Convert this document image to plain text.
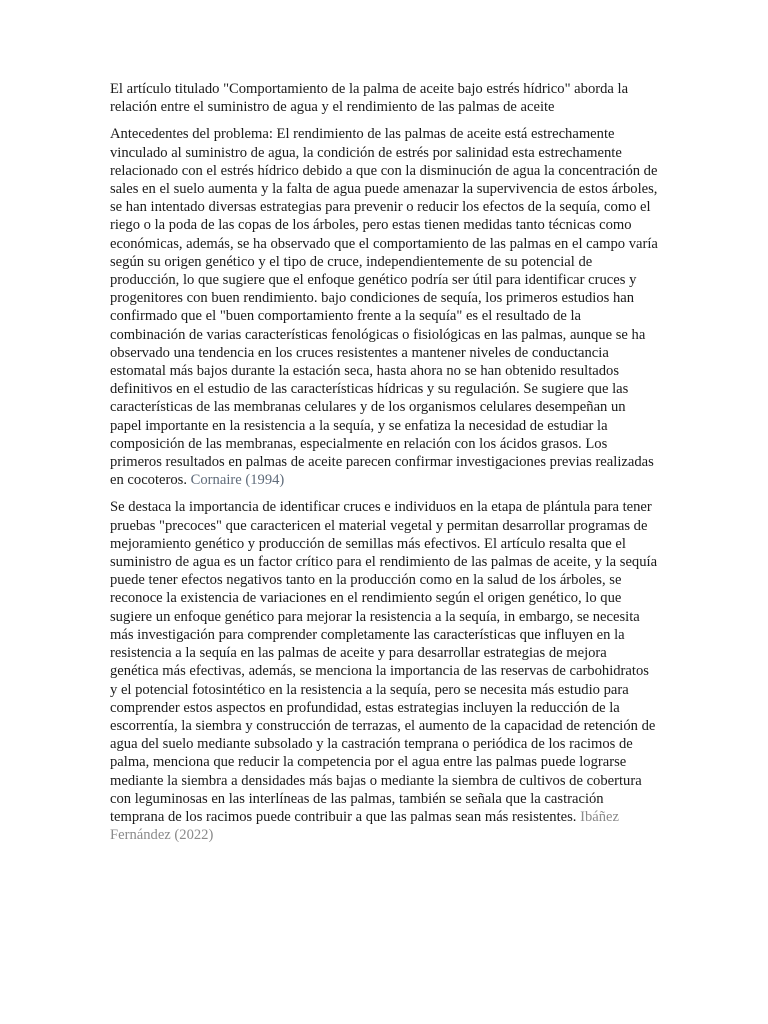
El artículo titulado "Comportamiento de la palma de aceite bajo estrés hídrico" aborda la relación entre el suministro de agua y el rendimiento de las palmas de aceite

Antecedentes del problema: El rendimiento de las palmas de aceite está estrechamente vinculado al suministro de agua, la condición de estrés por salinidad esta estrechamente relacionado con el estrés hídrico debido a que con la disminución de agua la concentración de sales en el suelo aumenta y la falta de agua puede amenazar la supervivencia de estos árboles, se han intentado diversas estrategias para prevenir o reducir los efectos de la sequía, como el riego o la poda de las copas de los árboles, pero estas tienen medidas tanto técnicas como económicas, además, se ha observado que el comportamiento de las palmas en el campo varía según su origen genético y el tipo de cruce, independientemente de su potencial de producción, lo que sugiere que el enfoque genético podría ser útil para identificar cruces y progenitores con buen rendimiento. bajo condiciones de sequía, los primeros estudios han confirmado que el "buen comportamiento frente a la sequía" es el resultado de la combinación de varias características fenológicas o fisiológicas en las palmas, aunque se ha observado una tendencia en los cruces resistentes a mantener niveles de conductancia estomatal más bajos durante la estación seca, hasta ahora no se han obtenido resultados definitivos en el estudio de las características hídricas y su regulación. Se sugiere que las características de las membranas celulares y de los organismos celulares desempeñan un papel importante en la resistencia a la sequía, y se enfatiza la necesidad de estudiar la composición de las membranas, especialmente en relación con los ácidos grasos. Los primeros resultados en palmas de aceite parecen confirmar investigaciones previas realizadas en cocoteros. Cornaire (1994)

Se destaca la importancia de identificar cruces e individuos en la etapa de plántula para tener pruebas "precoces" que caractericen el material vegetal y permitan desarrollar programas de mejoramiento genético y producción de semillas más efectivos. El artículo resalta que el suministro de agua es un factor crítico para el rendimiento de las palmas de aceite, y la sequía puede tener efectos negativos tanto en la producción como en la salud de los árboles, se reconoce la existencia de variaciones en el rendimiento según el origen genético, lo que sugiere un enfoque genético para mejorar la resistencia a la sequía, in embargo, se necesita más investigación para comprender completamente las características que influyen en la resistencia a la sequía en las palmas de aceite y para desarrollar estrategias de mejora genética más efectivas, además, se menciona la importancia de las reservas de carbohidratos y el potencial fotosintético en la resistencia a la sequía, pero se necesita más estudio para comprender estos aspectos en profundidad, estas estrategias incluyen la reducción de la escorrentía, la siembra y construcción de terrazas, el aumento de la capacidad de retención de agua del suelo mediante subsolado y la castración temprana o periódica de los racimos de palma, menciona que reducir la competencia por el agua entre las palmas puede lograrse mediante la siembra a densidades más bajas o mediante la siembra de cultivos de cobertura con leguminosas en las interlíneas de las palmas, también se señala que la castración temprana de los racimos puede contribuir a que las palmas sean más resistentes. Ibáñez Fernández (2022)
